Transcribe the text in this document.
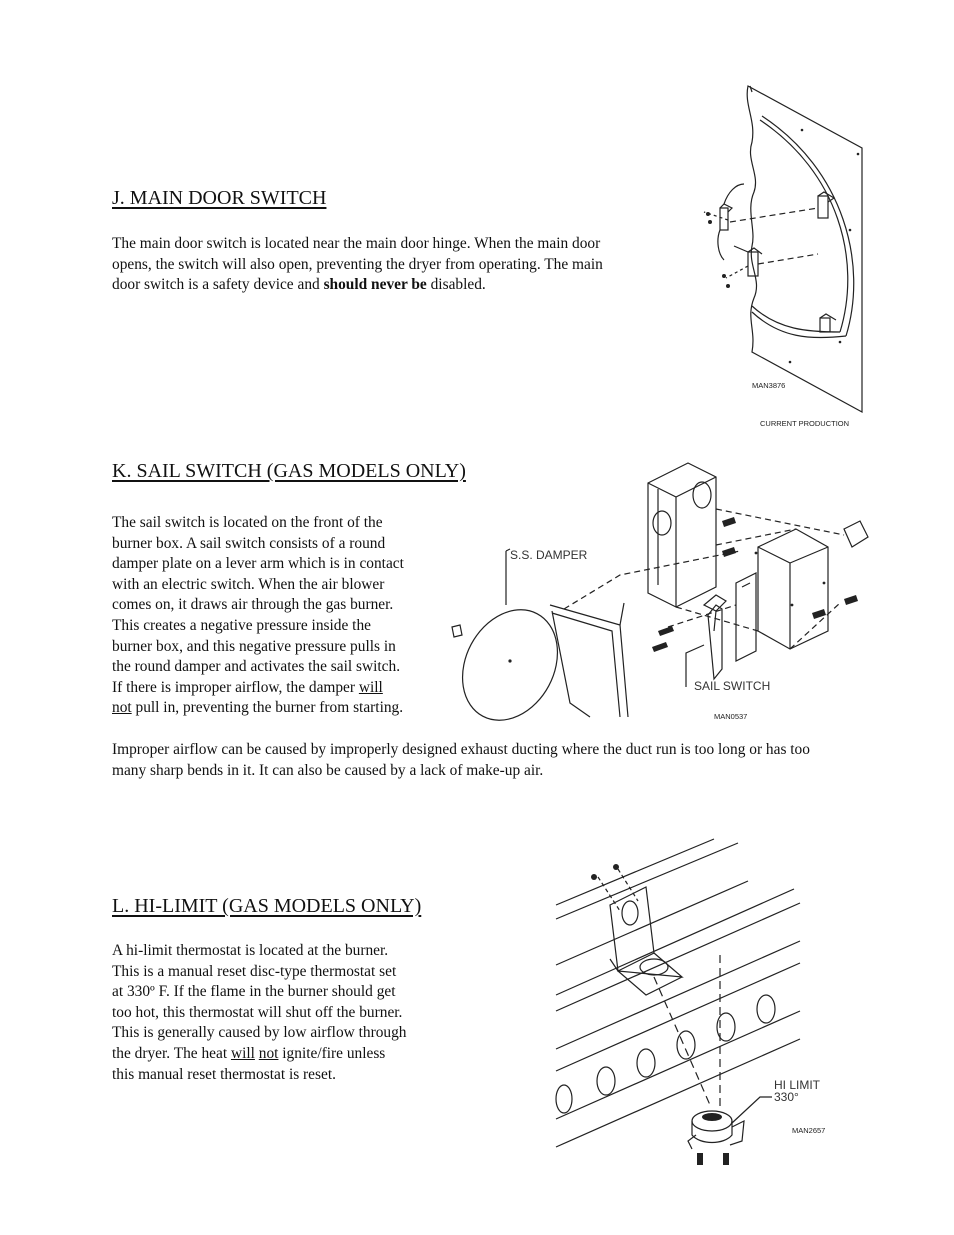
J. MAIN DOOR SWITCH
The main door switch is located near the main door hinge. When the main door
opens, the switch will also open, preventing the dryer from operating. The main
door switch is a safety device and should never be disabled.
MAN3876
CURRENT PRODUCTION
K. SAIL SWITCH (GAS MODELS ONLY)
The sail switch is located on the front of the
burner box. A sail switch consists of a round
damper plate on a lever arm which is in contact
with an electric switch. When the air blower
comes on, it draws air through the gas burner.
This creates a negative pressure inside the
burner box, and this negative pressure pulls in
the round damper and activates the sail switch.
If there is improper airflow, the damper will
not pull in, preventing the burner from starting.
Improper airflow can be caused by improperly designed exhaust ducting where the duct run is too long or has too
many sharp bends in it. It can also be caused by a lack of make-up air.
S.S. DAMPER
SAIL SWITCH
MAN0537
L. HI-LIMIT (GAS MODELS ONLY)
A hi-limit thermostat is located at the burner.
This is a manual reset disc-type thermostat set
at 330º F. If the flame in the burner should get
too hot, this thermostat will shut off the burner.
This is generally caused by low airflow through
the dryer. The heat will not ignite/fire unless
this manual reset thermostat is reset.
HI LIMIT
330°
MAN2657
